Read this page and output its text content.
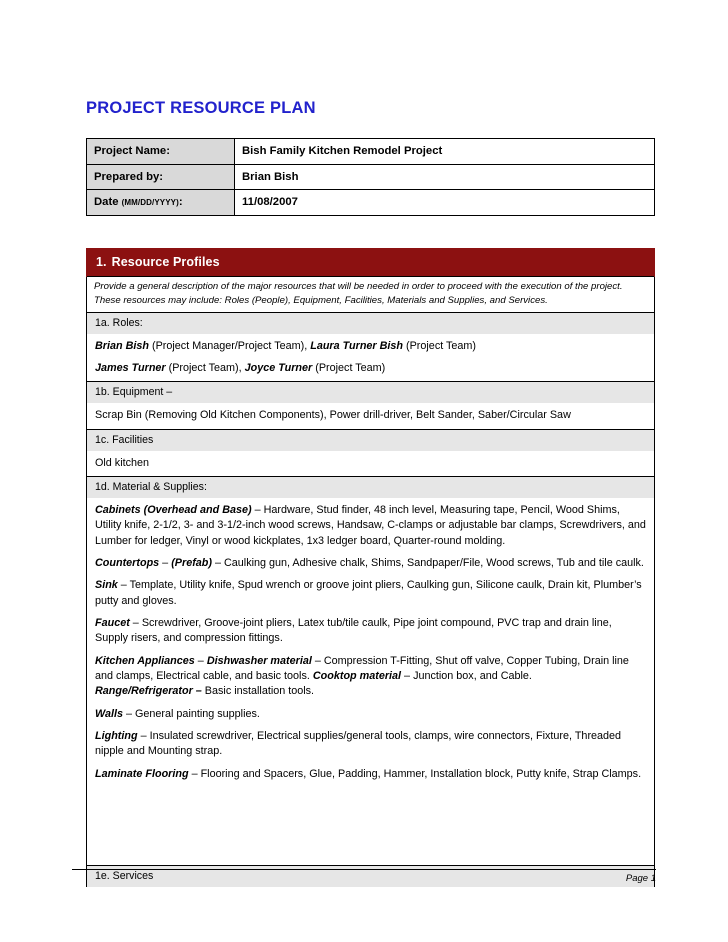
PROJECT RESOURCE PLAN
Project Name:	Bish Family Kitchen Remodel Project
Prepared by:	Brian Bish
Date (MM/DD/YYYY):	11/08/2007
1. Resource Profiles
Provide a general description of the major resources that will be needed in order to proceed with the execution of the project. These resources may include: Roles (People), Equipment, Facilities, Materials and Supplies, and Services.
1a. Roles:

Brian Bish (Project Manager/Project Team), Laura Turner Bish (Project Team)

James Turner (Project Team), Joyce Turner (Project Team)

1b. Equipment –
Scrap Bin (Removing Old Kitchen Components), Power drill-driver, Belt Sander, Saber/Circular Saw
1c. Facilities
Old kitchen
1d. Material & Supplies:

Cabinets (Overhead and Base) – Hardware, Stud finder, 48 inch level, Measuring tape, Pencil, Wood Shims, Utility knife, 2-1/2, 3- and 3-1/2-inch wood screws, Handsaw, C-clamps or adjustable bar clamps, Screwdrivers, and Lumber for ledger, Vinyl or wood kickplates, 1x3 ledger board, Quarter-round molding.

Countertops – (Prefab) – Caulking gun, Adhesive chalk, Shims, Sandpaper/File, Wood screws, Tub and tile caulk.

Sink – Template, Utility knife, Spud wrench or groove joint pliers, Caulking gun, Silicone caulk, Drain kit, Plumber’s putty and gloves.

Faucet – Screwdriver, Groove-joint pliers, Latex tub/tile caulk, Pipe joint compound, PVC trap and drain line, Supply risers, and compression fittings.

Kitchen Appliances – Dishwasher material – Compression T-Fitting, Shut off valve, Copper Tubing, Drain line and clamps, Electrical cable, and basic tools. Cooktop material – Junction box, and Cable.

Range/Refrigerator – Basic installation tools.

Walls – General painting supplies.

Lighting – Insulated screwdriver, Electrical supplies/general tools, clamps, wire connectors, Fixture, Threaded nipple and Mounting strap.

Laminate Flooring – Flooring and Spacers, Glue, Padding, Hammer, Installation block, Putty knife, Strap Clamps.

1e. Services	Page 1
